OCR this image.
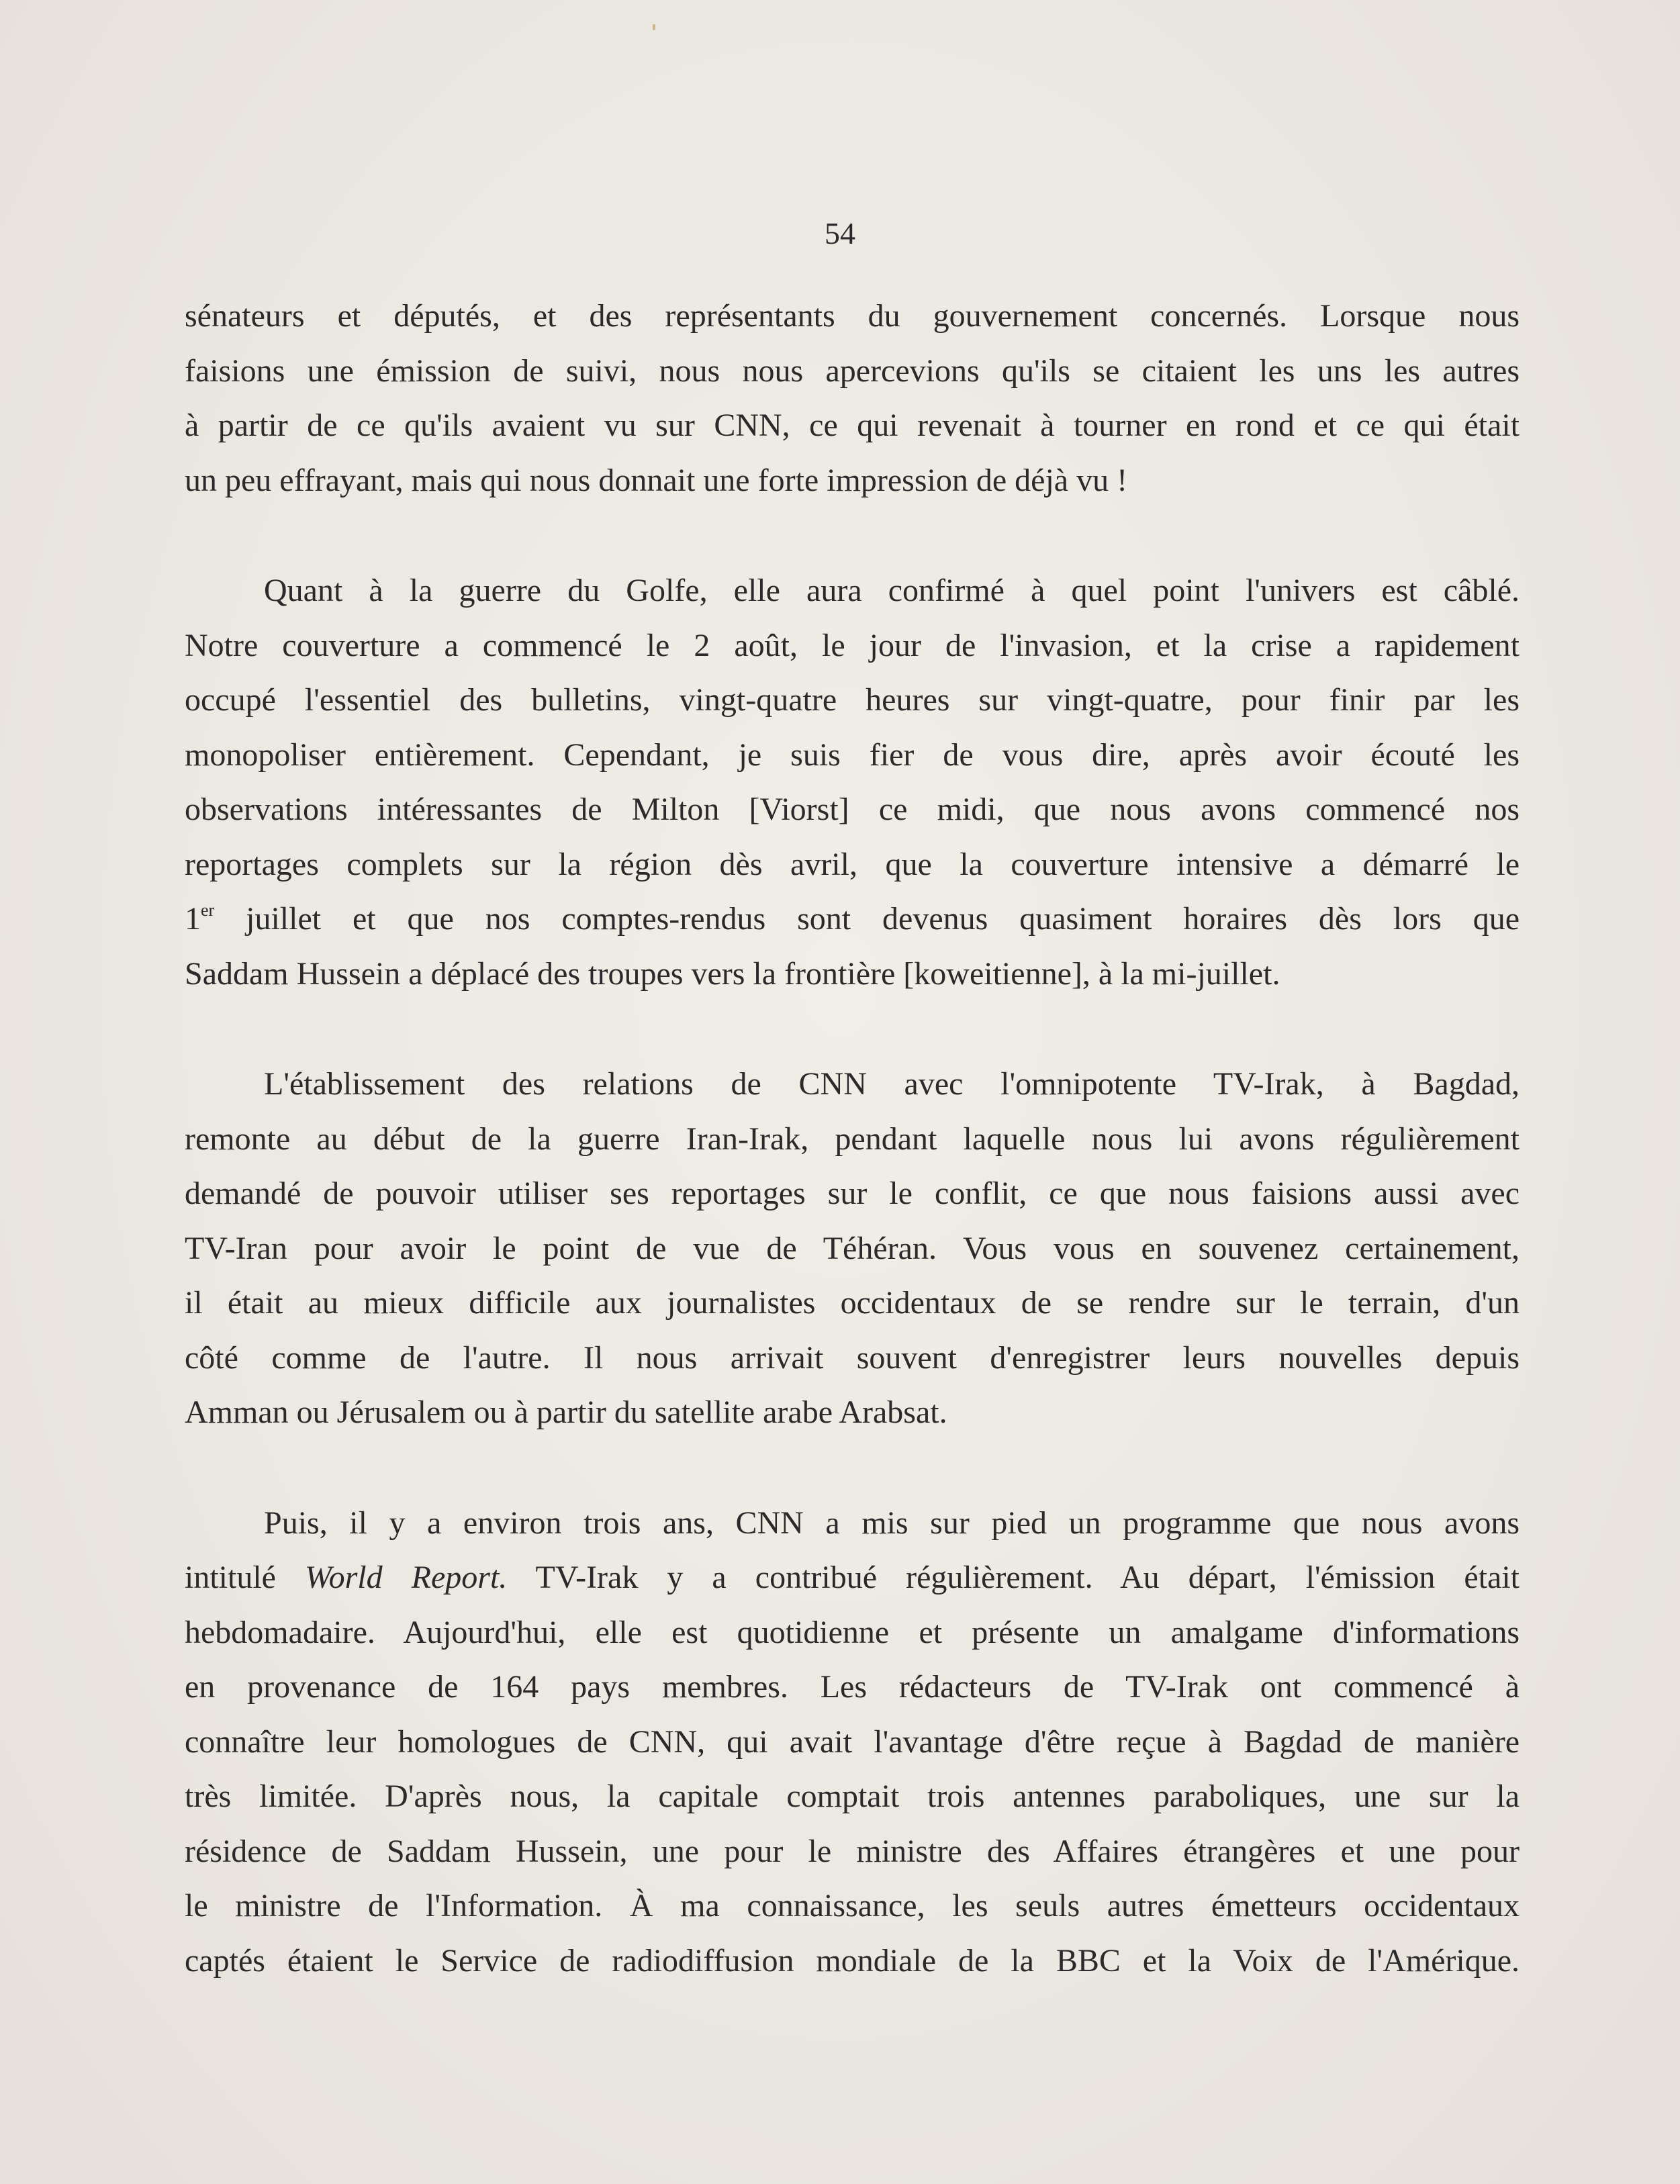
54

sénateurs et députés, et des représentants du gouvernement concernés. Lorsque nous
faisions une émission de suivi, nous nous apercevions qu'ils se citaient les uns les autres
à partir de ce qu'ils avaient vu sur CNN, ce qui revenait à tourner en rond et ce qui était
un peu effrayant, mais qui nous donnait une forte impression de déjà vu !

Quant à la guerre du Golfe, elle aura confirmé à quel point l'univers est câblé.
Notre couverture a commencé le 2 août, le jour de l'invasion, et la crise a rapidement
occupé l'essentiel des bulletins, vingt-quatre heures sur vingt-quatre, pour finir par les
monopoliser entièrement. Cependant, je suis fier de vous dire, après avoir écouté les
observations intéressantes de Milton [Viorst] ce midi, que nous avons commencé nos
reportages complets sur la région dès avril, que la couverture intensive a démarré le
1er juillet et que nos comptes-rendus sont devenus quasiment horaires dès lors que
Saddam Hussein a déplacé des troupes vers la frontière [koweitienne], à la mi-juillet.

L'établissement des relations de CNN avec l'omnipotente TV-Irak, à Bagdad,
remonte au début de la guerre Iran-Irak, pendant laquelle nous lui avons régulièrement
demandé de pouvoir utiliser ses reportages sur le conflit, ce que nous faisions aussi avec
TV-Iran pour avoir le point de vue de Téhéran. Vous vous en souvenez certainement,
il était au mieux difficile aux journalistes occidentaux de se rendre sur le terrain, d'un
côté comme de l'autre. Il nous arrivait souvent d'enregistrer leurs nouvelles depuis
Amman ou Jérusalem ou à partir du satellite arabe Arabsat.

Puis, il y a environ trois ans, CNN a mis sur pied un programme que nous avons
intitulé World Report. TV-Irak y a contribué régulièrement. Au départ, l'émission était
hebdomadaire. Aujourd'hui, elle est quotidienne et présente un amalgame d'informations
en provenance de 164 pays membres. Les rédacteurs de TV-Irak ont commencé à
connaître leur homologues de CNN, qui avait l'avantage d'être reçue à Bagdad de manière
très limitée. D'après nous, la capitale comptait trois antennes paraboliques, une sur la
résidence de Saddam Hussein, une pour le ministre des Affaires étrangères et une pour
le ministre de l'Information. À ma connaissance, les seuls autres émetteurs occidentaux
captés étaient le Service de radiodiffusion mondiale de la BBC et la Voix de l'Amérique.
